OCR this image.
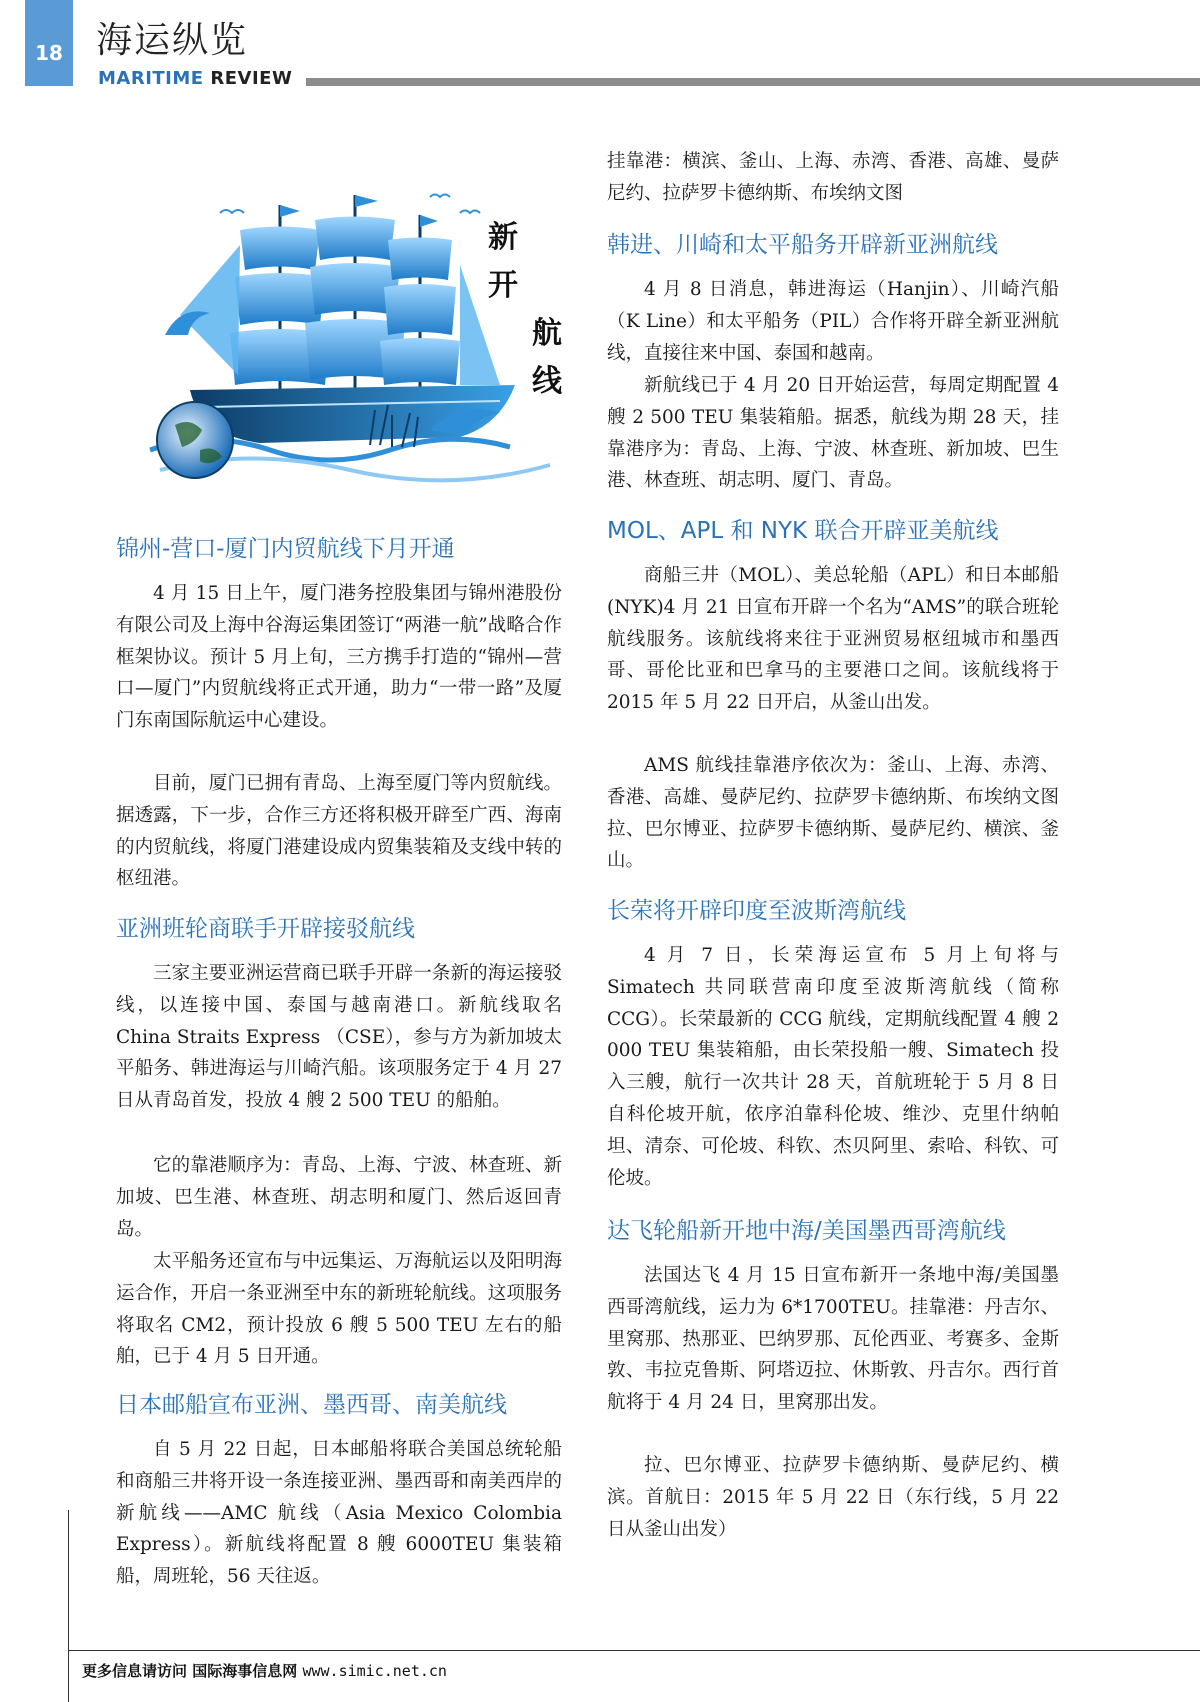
18 海运纵览
MARITIME REVIEW
新
开
航
线
锦州-营口-厦门内贸航线下月开通

4 月 15 日上午，厦门港务控股集团与锦州港股份有限公司及上海中谷海运集团签订“两港一航”战略合作框架协议。预计 5 月上旬，三方携手打造的“锦州—营口—厦门”内贸航线将正式开通，助力“一带一路”及厦门东南国际航运中心建设。

目前，厦门已拥有青岛、上海至厦门等内贸航线。据透露，下一步，合作三方还将积极开辟至广西、海南的内贸航线，将厦门港建设成内贸集装箱及支线中转的枢纽港。

亚洲班轮商联手开辟接驳航线

三家主要亚洲运营商已联手开辟一条新的海运接驳线，以连接中国、泰国与越南港口。新航线取名 China Straits Express （CSE），参与方为新加坡太平船务、韩进海运与川崎汽船。该项服务定于 4 月 27 日从青岛首发，投放 4 艘 2 500 TEU 的船舶。

它的靠港顺序为：青岛、上海、宁波、林查班、新加坡、巴生港、林查班、胡志明和厦门、然后返回青岛。

太平船务还宣布与中远集运、万海航运以及阳明海运合作，开启一条亚洲至中东的新班轮航线。这项服务将取名 CM2，预计投放 6 艘 5 500 TEU 左右的船舶，已于 4 月 5 日开通。

日本邮船宣布亚洲、墨西哥、南美航线

自 5 月 22 日起，日本邮船将联合美国总统轮船和商船三井将开设一条连接亚洲、墨西哥和南美西岸的新航线——AMC 航线（Asia Mexico Colombia Express）。新航线将配置 8 艘 6000TEU 集装箱船，周班轮，56 天往返。

挂靠港：横滨、釜山、上海、赤湾、香港、高雄、曼萨尼约、拉萨罗卡德纳斯、布埃纳文图

韩进、川崎和太平船务开辟新亚洲航线

4 月 8 日消息，韩进海运（Hanjin）、川崎汽船（K Line）和太平船务（PIL）合作将开辟全新亚洲航线，直接往来中国、泰国和越南。

新航线已于 4 月 20 日开始运营，每周定期配置 4 艘 2 500 TEU 集装箱船。据悉，航线为期 28 天，挂靠港序为：青岛、上海、宁波、林查班、新加坡、巴生港、林查班、胡志明、厦门、青岛。

MOL、APL 和 NYK 联合开辟亚美航线

商船三井（MOL）、美总轮船（APL）和日本邮船(NYK)4 月 21 日宣布开辟一个名为“AMS”的联合班轮航线服务。该航线将来往于亚洲贸易枢纽城市和墨西哥、哥伦比亚和巴拿马的主要港口之间。该航线将于 2015 年 5 月 22 日开启，从釜山出发。

AMS 航线挂靠港序依次为：釜山、上海、赤湾、香港、高雄、曼萨尼约、拉萨罗卡德纳斯、布埃纳文图拉、巴尔博亚、拉萨罗卡德纳斯、曼萨尼约、横滨、釜山。

长荣将开辟印度至波斯湾航线

4 月 7 日，长荣海运宣布 5 月上旬将与 Simatech 共同联营南印度至波斯湾航线（简称 CCG）。长荣最新的 CCG 航线，定期航线配置 4 艘 2 000 TEU 集装箱船，由长荣投船一艘、Simatech 投入三艘，航行一次共计 28 天，首航班轮于 5 月 8 日自科伦坡开航，依序泊靠科伦坡、维沙、克里什纳帕坦、清奈、可伦坡、科钦、杰贝阿里、索哈、科钦、可伦坡。

达飞轮船新开地中海/美国墨西哥湾航线

法国达飞 4 月 15 日宣布新开一条地中海/美国墨西哥湾航线，运力为 6*1700TEU。挂靠港：丹吉尔、里窝那、热那亚、巴纳罗那、瓦伦西亚、考赛多、金斯敦、韦拉克鲁斯、阿塔迈拉、休斯敦、丹吉尔。西行首航将于 4 月 24 日，里窝那出发。

拉、巴尔博亚、拉萨罗卡德纳斯、曼萨尼约、横滨。首航日：2015 年 5 月 22 日（东行线，5 月 22 日从釜山出发）

更多信息请访问 国际海事信息网 www.simic.net.cn
